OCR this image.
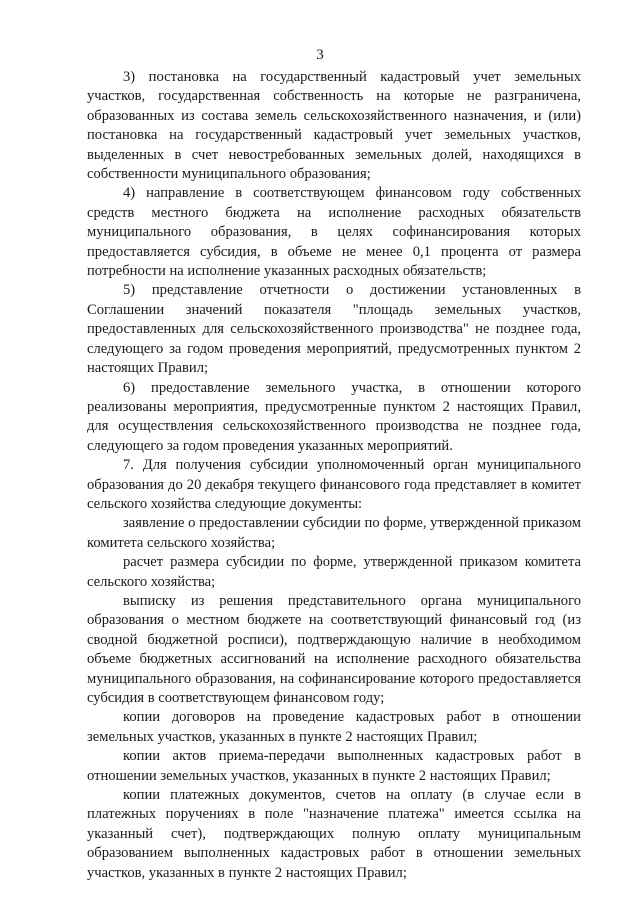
3

3) постановка на государственный кадастровый учет земельных участков, государственная собственность на которые не разграничена, образованных из состава земель сельскохозяйственного назначения, и (или) постановка на государственный кадастровый учет земельных участков, выделенных в счет невостребованных земельных долей, находящихся в собственности муниципального образования;

4) направление в соответствующем финансовом году собственных средств местного бюджета на исполнение расходных обязательств муниципального образования, в целях софинансирования которых предоставляется субсидия, в объеме не менее 0,1 процента от размера потребности на исполнение указанных расходных обязательств;

5) представление отчетности о достижении установленных в Соглашении значений показателя "площадь земельных участков, предоставленных для сельскохозяйственного производства" не позднее года, следующего за годом проведения мероприятий, предусмотренных пунктом 2 настоящих Правил;

6) предоставление земельного участка, в отношении которого реализованы мероприятия, предусмотренные пунктом 2 настоящих Правил, для осуществления сельскохозяйственного производства не позднее года, следующего за годом проведения указанных мероприятий.

7. Для получения субсидии уполномоченный орган муниципального образования до 20 декабря текущего финансового года представляет в комитет сельского хозяйства следующие документы:

заявление о предоставлении субсидии по форме, утвержденной приказом комитета сельского хозяйства;

расчет размера субсидии по форме, утвержденной приказом комитета сельского хозяйства;

выписку из решения представительного органа муниципального образования о местном бюджете на соответствующий финансовый год (из сводной бюджетной росписи), подтверждающую наличие в необходимом объеме бюджетных ассигнований на исполнение расходного обязательства муниципального образования, на софинансирование которого предоставляется субсидия в соответствующем финансовом году;

копии договоров на проведение кадастровых работ в отношении земельных участков, указанных в пункте 2 настоящих Правил;

копии актов приема-передачи выполненных кадастровых работ в отношении земельных участков, указанных в пункте 2 настоящих Правил;

копии платежных документов, счетов на оплату (в случае если в платежных поручениях в поле "назначение платежа" имеется ссылка на указанный счет), подтверждающих полную оплату муниципальным образованием выполненных кадастровых работ в отношении земельных участков, указанных в пункте 2 настоящих Правил;
